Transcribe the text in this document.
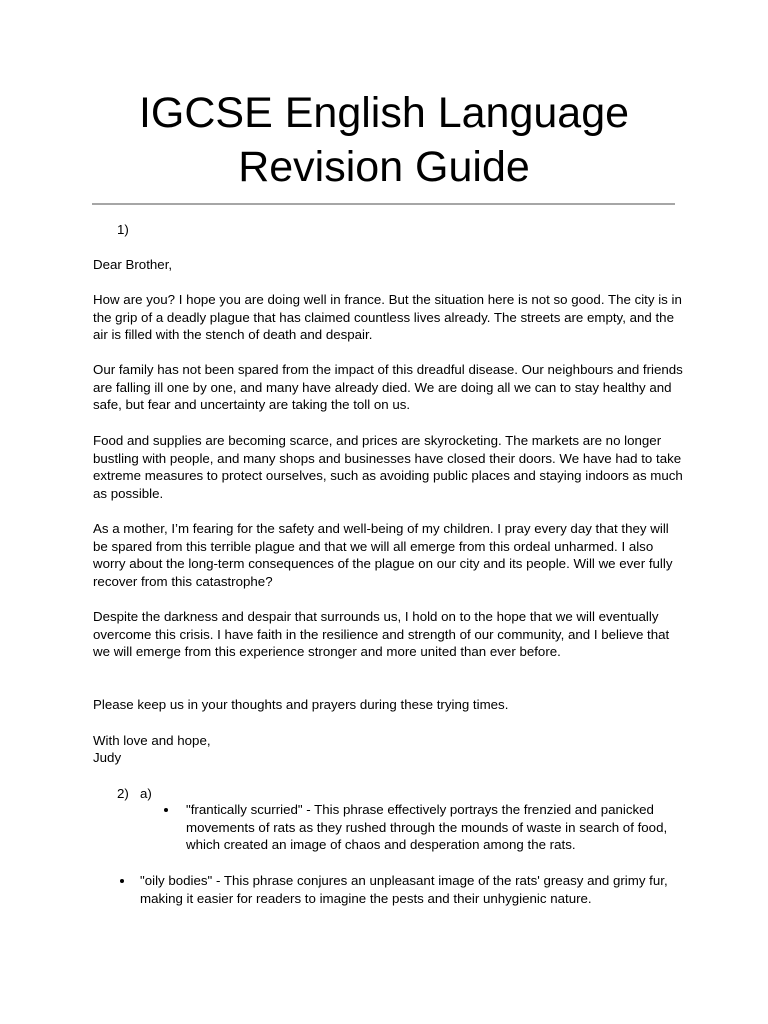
IGCSE English Language
Revision Guide
1)

Dear Brother,

How are you? I hope you are doing well in france. But the situation here is not so good. The city is in the grip of a deadly plague that has claimed countless lives already. The streets are empty, and the air is filled with the stench of death and despair.

Our family has not been spared from the impact of this dreadful disease. Our neighbours and friends are falling ill one by one, and many have already died. We are doing all we can to stay healthy and safe, but fear and uncertainty are taking the toll on us.

Food and supplies are becoming scarce, and prices are skyrocketing. The markets are no longer bustling with people, and many shops and businesses have closed their doors. We have had to take extreme measures to protect ourselves, such as avoiding public places and staying indoors as much as possible.

As a mother, I’m fearing for the safety and well-being of my children. I pray every day that they will be spared from this terrible plague and that we will all emerge from this ordeal unharmed. I also worry about the long-term consequences of the plague on our city and its people. Will we ever fully recover from this catastrophe?

Despite the darkness and despair that surrounds us, I hold on to the hope that we will eventually overcome this crisis. I have faith in the resilience and strength of our community, and I believe that we will emerge from this experience stronger and more united than ever before.

Please keep us in your thoughts and prayers during these trying times.

With love and hope,

Judy

2) a)

"frantically scurried" - This phrase effectively portrays the frenzied and panicked movements of rats as they rushed through the mounds of waste in search of food, which created an image of chaos and desperation among the rats.

"oily bodies" - This phrase conjures an unpleasant image of the rats' greasy and grimy fur, making it easier for readers to imagine the pests and their unhygienic nature.
